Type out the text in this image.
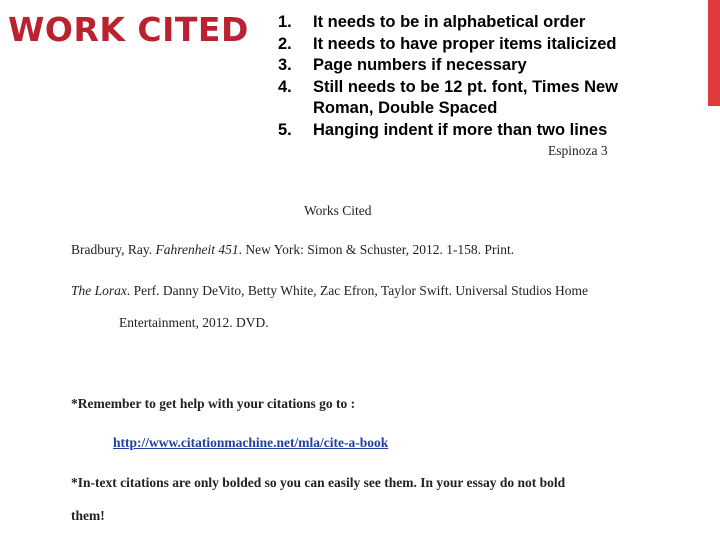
WORK CITED 1.	It needs to be in alphabetical order
2.	It needs to have proper items italicized
3.	Page numbers if necessary
4.	Still needs to be 12 pt. font, Times New Roman, Double Spaced
5.	Hanging indent if more than two lines
Espinoza 3
Works Cited
Bradbury, Ray. Fahrenheit 451. New York: Simon & Schuster, 2012. 1-158. Print.
The Lorax. Perf. Danny DeVito, Betty White, Zac Efron, Taylor Swift. Universal Studios Home
Entertainment, 2012. DVD.
*Remember to get help with your citations go to :
http://www.citationmachine.net/mla/cite-a-book
*In-text citations are only bolded so you can easily see them. In your essay do not bold
them!
